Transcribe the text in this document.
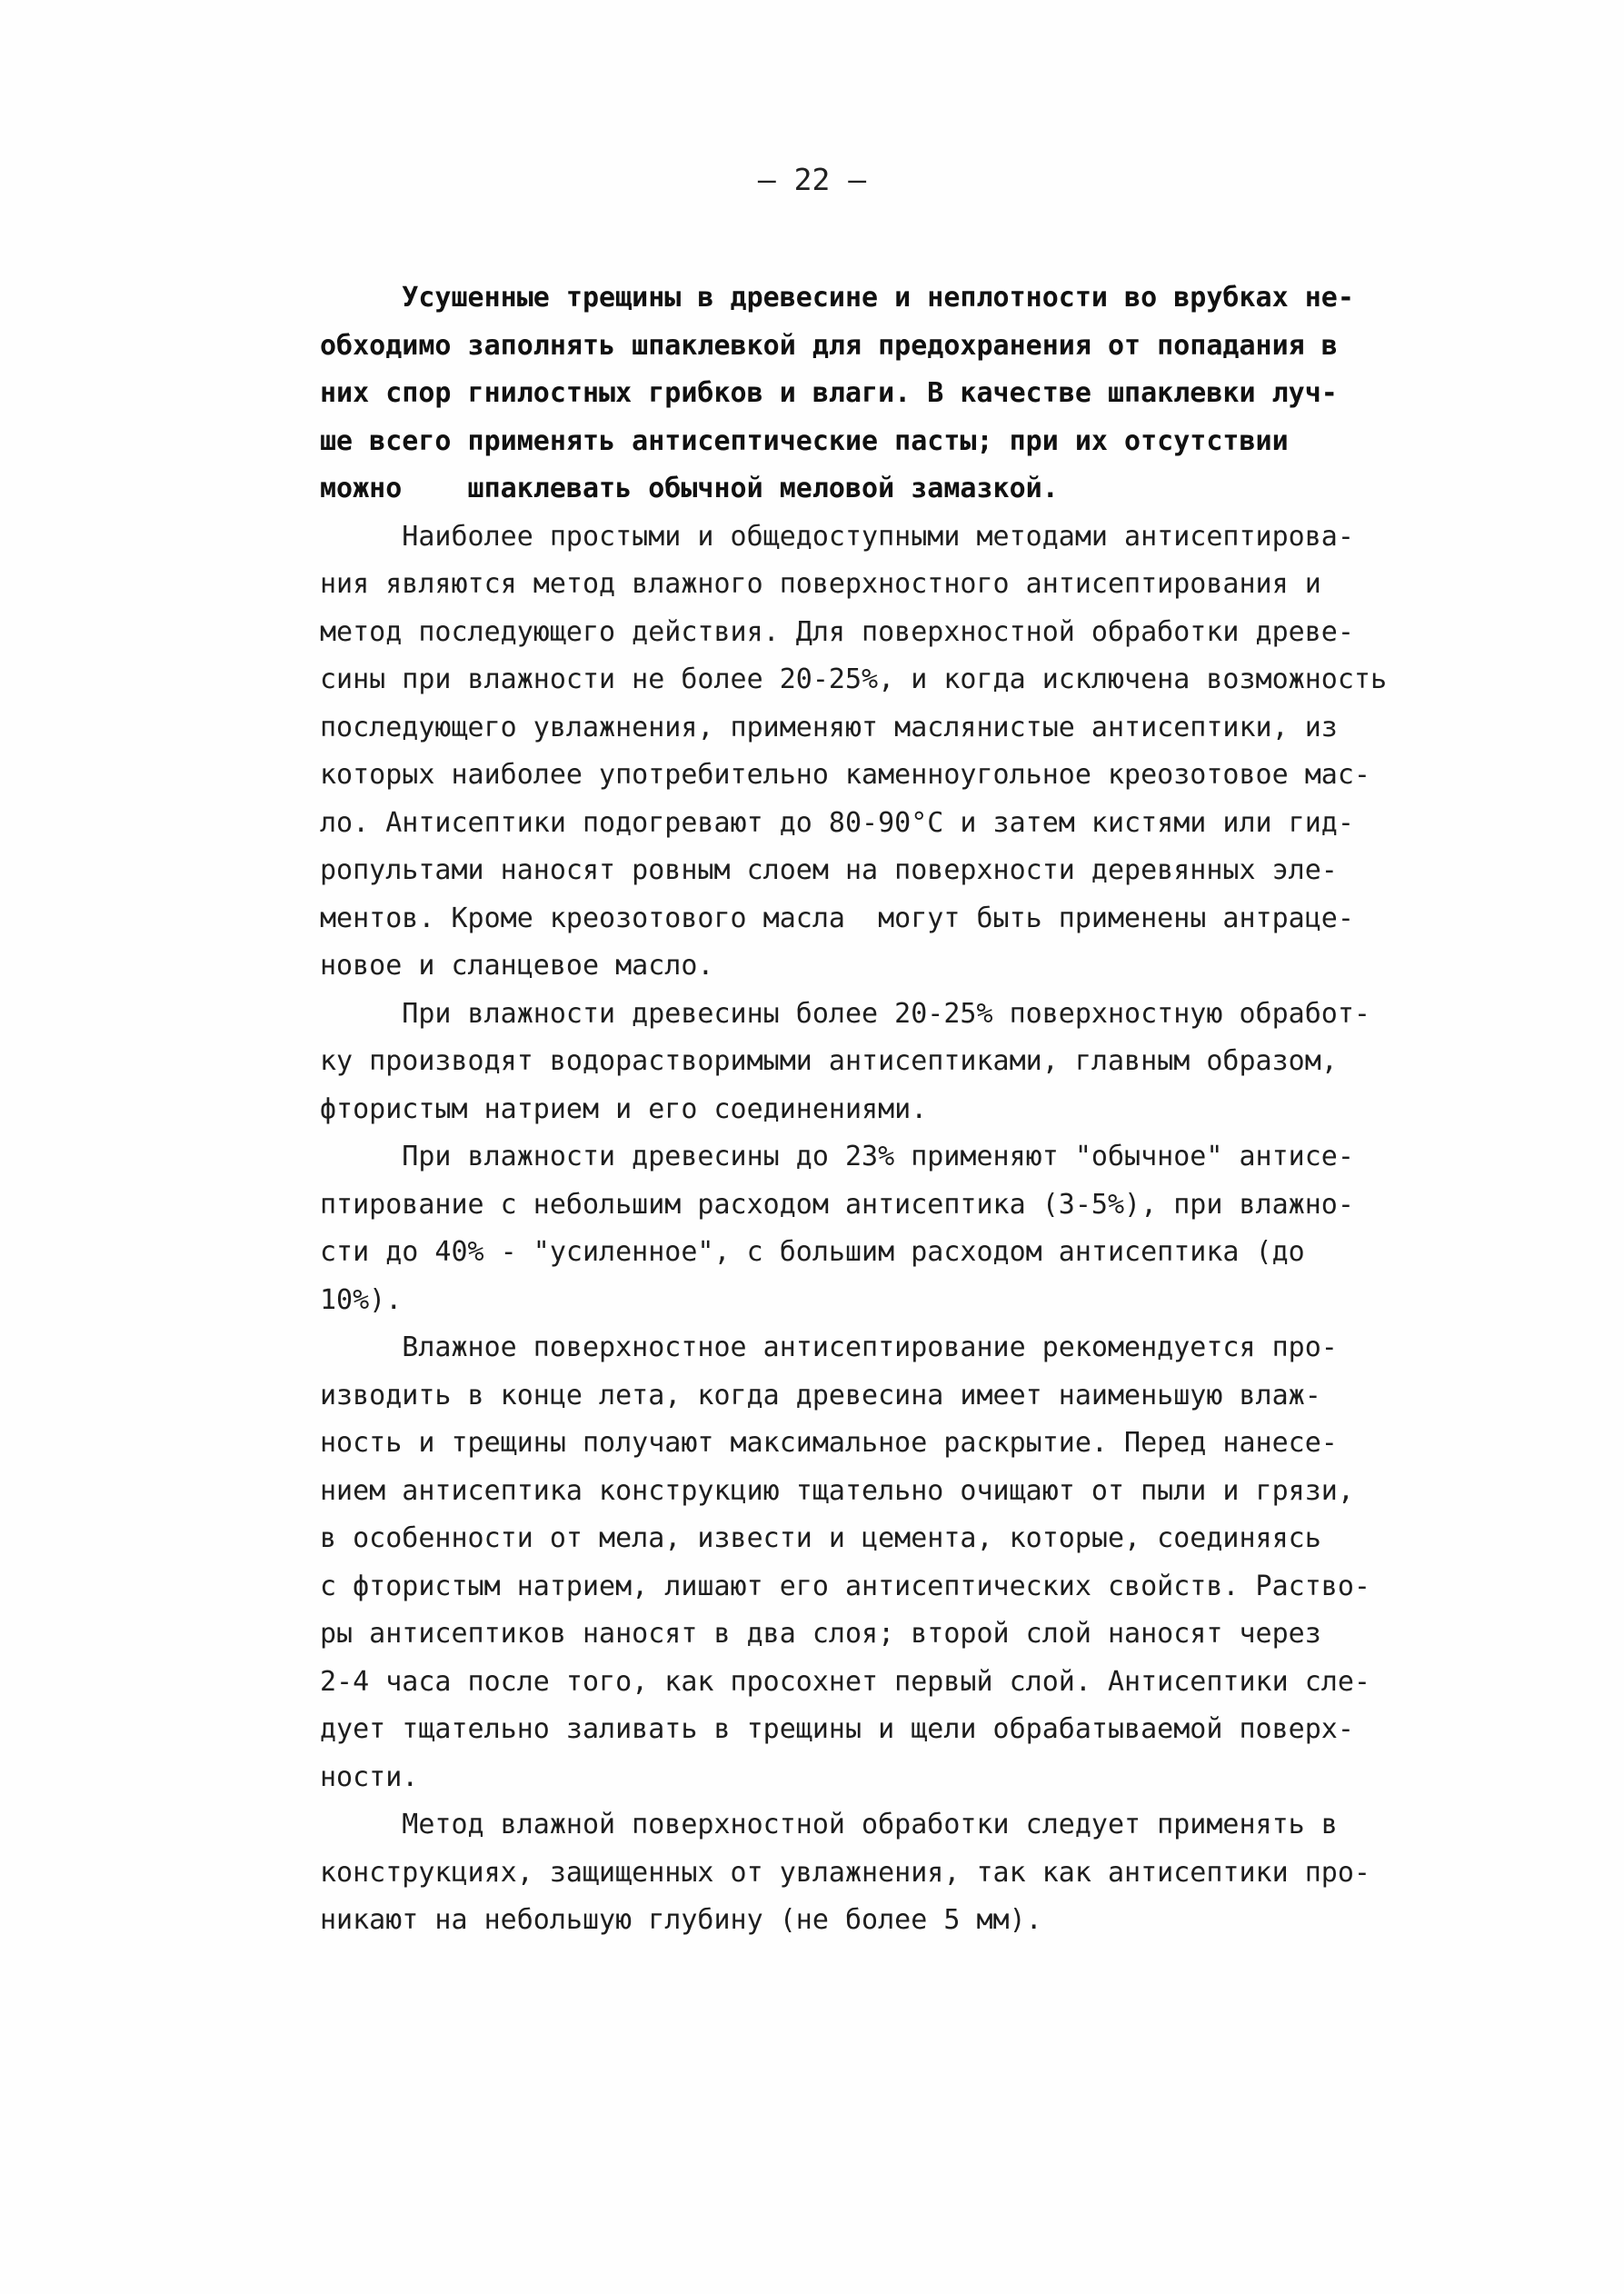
— 22 —
Усушенные трещины в древесине и неплотности во врубках не-
обходимо заполнять шпаклевкой для предохранения от попадания в
них спор гнилостных грибков и влаги. В качестве шпаклевки луч-
ше всего применять антисептические пасты; при их отсутствии
можно    шпаклевать обычной меловой замазкой.
Наиболее простыми и общедоступными методами антисептирова-
ния являются метод влажного поверхностного антисептирования и
метод последующего действия. Для поверхностной обработки древе-
сины при влажности не более 20-25%, и когда исключена возможность
последующего увлажнения, применяют маслянистые антисептики, из
которых наиболее употребительно каменноугольное креозотовое мас-
ло. Антисептики подогревают до 80-90°С и затем кистями или гид-
ропультами наносят ровным слоем на поверхности деревянных эле-
ментов. Кроме креозотового масла  могут быть применены антраце-
новое и сланцевое масло.
При влажности древесины более 20-25% поверхностную обработ-
ку производят водорастворимыми антисептиками, главным образом,
фтористым натрием и его соединениями.
При влажности древесины до 23% применяют "обычное" антисе-
птирование с небольшим расходом антисептика (3-5%), при влажно-
сти до 40% - "усиленное", с большим расходом антисептика (до
10%).
Влажное поверхностное антисептирование рекомендуется про-
изводить в конце лета, когда древесина имеет наименьшую влаж-
ность и трещины получают максимальное раскрытие. Перед нанесе-
нием антисептика конструкцию тщательно очищают от пыли и грязи,
в особенности от мела, извести и цемента, которые, соединяясь
с фтористым натрием, лишают его антисептических свойств. Раство-
ры антисептиков наносят в два слоя; второй слой наносят через
2-4 часа после того, как просохнет первый слой. Антисептики сле-
дует тщательно заливать в трещины и щели обрабатываемой поверх-
ности.
Метод влажной поверхностной обработки следует применять в
конструкциях, защищенных от увлажнения, так как антисептики про-
никают на небольшую глубину (не более 5 мм).
